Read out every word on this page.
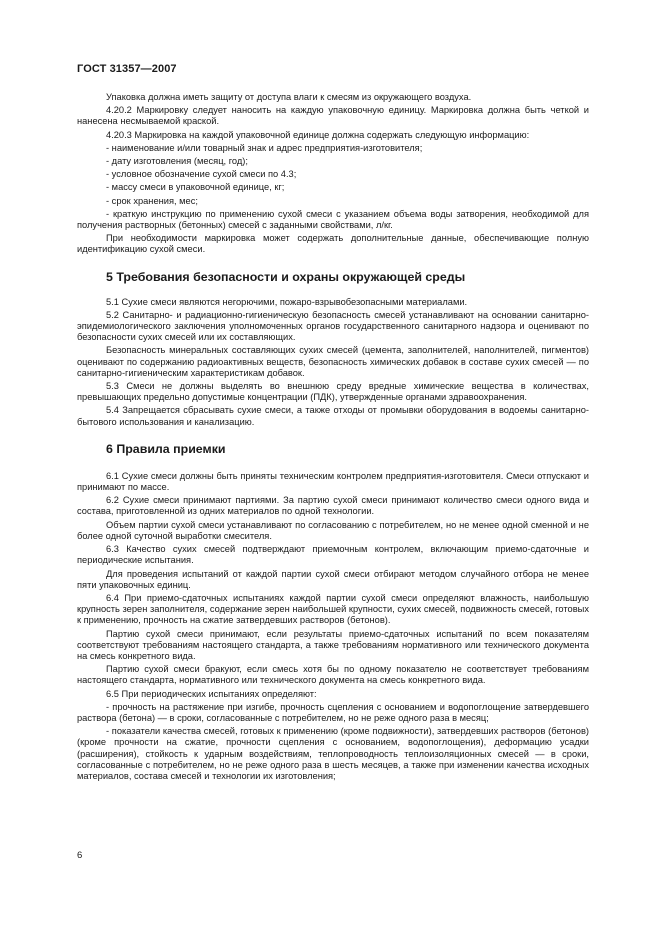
ГОСТ 31357—2007

Упаковка должна иметь защиту от доступа влаги к смесям из окружающего воздуха.

4.20.2 Маркировку следует наносить на каждую упаковочную единицу. Маркировка должна быть четкой и нанесена несмываемой краской.

4.20.3 Маркировка на каждой упаковочной единице должна содержать следующую информацию:

- наименование и/или товарный знак и адрес предприятия-изготовителя;

- дату изготовления (месяц, год);

- условное обозначение сухой смеси по 4.3;

- массу смеси в упаковочной единице, кг;

- срок хранения, мес;

- краткую инструкцию по применению сухой смеси с указанием объема воды затворения, необходимой для получения растворных (бетонных) смесей с заданными свойствами, л/кг.

При необходимости маркировка может содержать дополнительные данные, обеспечивающие полную идентификацию сухой смеси.

5 Требования безопасности и охраны окружающей среды

5.1 Сухие смеси являются негорючими, пожаро-взрывобезопасными материалами.

5.2 Санитарно- и радиационно-гигиеническую безопасность смесей устанавливают на основании санитарно-эпидемиологического заключения уполномоченных органов государственного санитарного надзора и оценивают по безопасности сухих смесей или их составляющих.

Безопасность минеральных составляющих сухих смесей (цемента, заполнителей, наполнителей, пигментов) оценивают по содержанию радиоактивных веществ, безопасность химических добавок в составе сухих смесей — по санитарно-гигиеническим характеристикам добавок.

5.3 Смеси не должны выделять во внешнюю среду вредные химические вещества в количествах, превышающих предельно допустимые концентрации (ПДК), утвержденные органами здравоохранения.

5.4 Запрещается сбрасывать сухие смеси, а также отходы от промывки оборудования в водоемы санитарно-бытового использования и канализацию.

6 Правила приемки

6.1 Сухие смеси должны быть приняты техническим контролем предприятия-изготовителя. Смеси отпускают и принимают по массе.

6.2 Сухие смеси принимают партиями. За партию сухой смеси принимают количество смеси одного вида и состава, приготовленной из одних материалов по одной технологии.

Объем партии сухой смеси устанавливают по согласованию с потребителем, но не менее одной сменной и не более одной суточной выработки смесителя.

6.3 Качество сухих смесей подтверждают приемочным контролем, включающим приемо-сдаточные и периодические испытания.

Для проведения испытаний от каждой партии сухой смеси отбирают методом случайного отбора не менее пяти упаковочных единиц.

6.4 При приемо-сдаточных испытаниях каждой партии сухой смеси определяют влажность, наибольшую крупность зерен заполнителя, содержание зерен наибольшей крупности, сухих смесей, подвижность смесей, готовых к применению, прочность на сжатие затвердевших растворов (бетонов).

Партию сухой смеси принимают, если результаты приемо-сдаточных испытаний по всем показателям соответствуют требованиям настоящего стандарта, а также требованиям нормативного или технического документа на смесь конкретного вида.

Партию сухой смеси бракуют, если смесь хотя бы по одному показателю не соответствует требованиям настоящего стандарта, нормативного или технического документа на смесь конкретного вида.

6.5 При периодических испытаниях определяют:

- прочность на растяжение при изгибе, прочность сцепления с основанием и водопоглощение затвердевшего раствора (бетона) — в сроки, согласованные с потребителем, но не реже одного раза в месяц;

- показатели качества смесей, готовых к применению (кроме подвижности), затвердевших растворов (бетонов) (кроме прочности на сжатие, прочности сцепления с основанием, водопоглощения), деформацию усадки (расширения), стойкость к ударным воздействиям, теплопроводность теплоизоляционных смесей — в сроки, согласованные с потребителем, но не реже одного раза в шесть месяцев, а также при изменении качества исходных материалов, состава смесей и технологии их изготовления;

6
